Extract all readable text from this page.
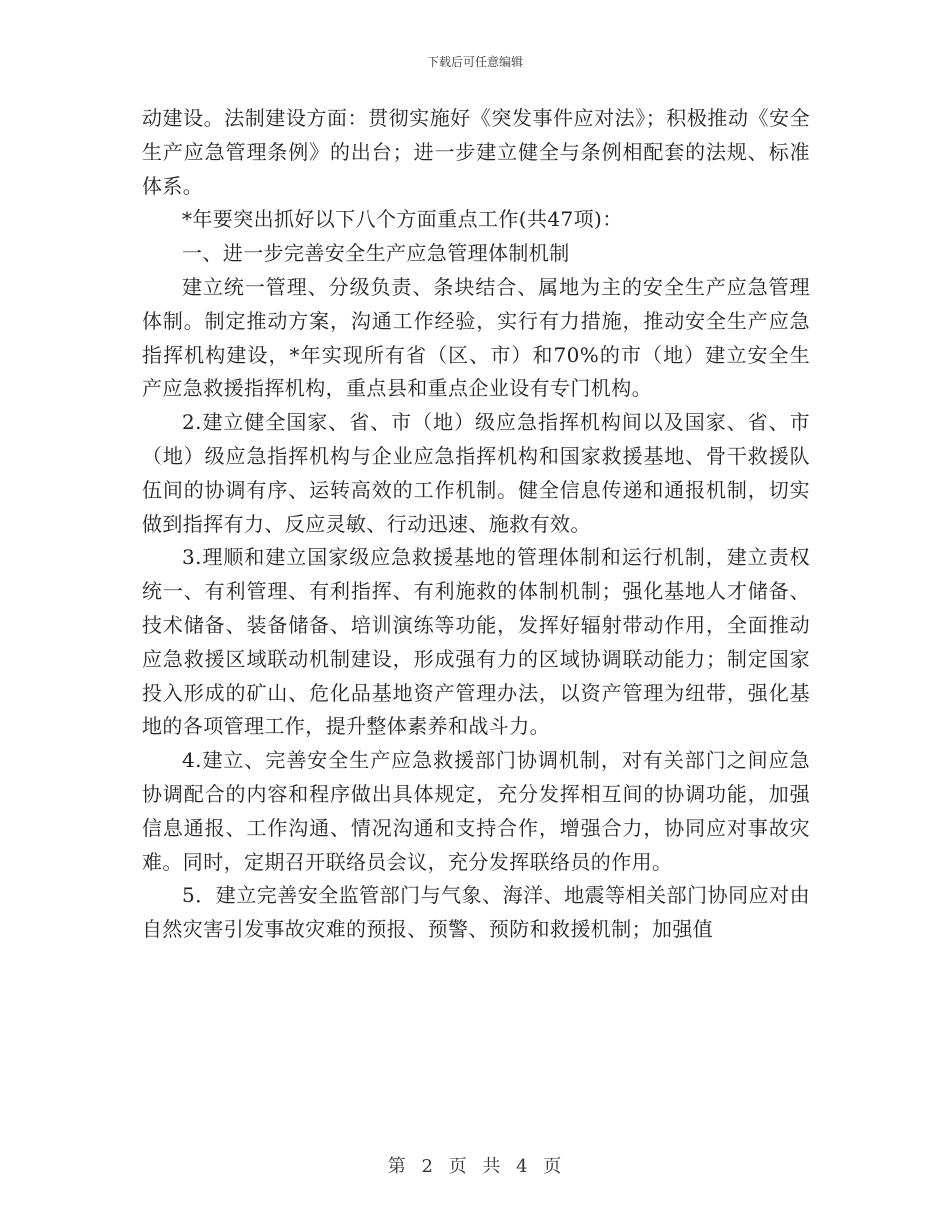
下载后可任意编辑

动建设。法制建设方面：贯彻实施好《突发事件应对法》；积极推动《安全生产应急管理条例》的出台；进一步建立健全与条例相配套的法规、标准体系。

*年要突出抓好以下八个方面重点工作(共47项)：

一、进一步完善安全生产应急管理体制机制

建立统一管理、分级负责、条块结合、属地为主的安全生产应急管理体制。制定推动方案，沟通工作经验，实行有力措施，推动安全生产应急指挥机构建设，*年实现所有省（区、市）和70%的市（地）建立安全生产应急救援指挥机构，重点县和重点企业设有专门机构。

2.建立健全国家、省、市（地）级应急指挥机构间以及国家、省、市（地）级应急指挥机构与企业应急指挥机构和国家救援基地、骨干救援队伍间的协调有序、运转高效的工作机制。健全信息传递和通报机制，切实做到指挥有力、反应灵敏、行动迅速、施救有效。

3.理顺和建立国家级应急救援基地的管理体制和运行机制，建立责权统一、有利管理、有利指挥、有利施救的体制机制；强化基地人才储备、技术储备、装备储备、培训演练等功能，发挥好辐射带动作用，全面推动应急救援区域联动机制建设，形成强有力的区域协调联动能力；制定国家投入形成的矿山、危化品基地资产管理办法，以资产管理为纽带，强化基地的各项管理工作，提升整体素养和战斗力。

4.建立、完善安全生产应急救援部门协调机制，对有关部门之间应急协调配合的内容和程序做出具体规定，充分发挥相互间的协调功能，加强信息通报、工作沟通、情况沟通和支持合作，增强合力，协同应对事故灾难。同时，定期召开联络员会议，充分发挥联络员的作用。

5．建立完善安全监管部门与气象、海洋、地震等相关部门协同应对由自然灾害引发事故灾难的预报、预警、预防和救援机制；加强值

第 2 页 共 4 页
